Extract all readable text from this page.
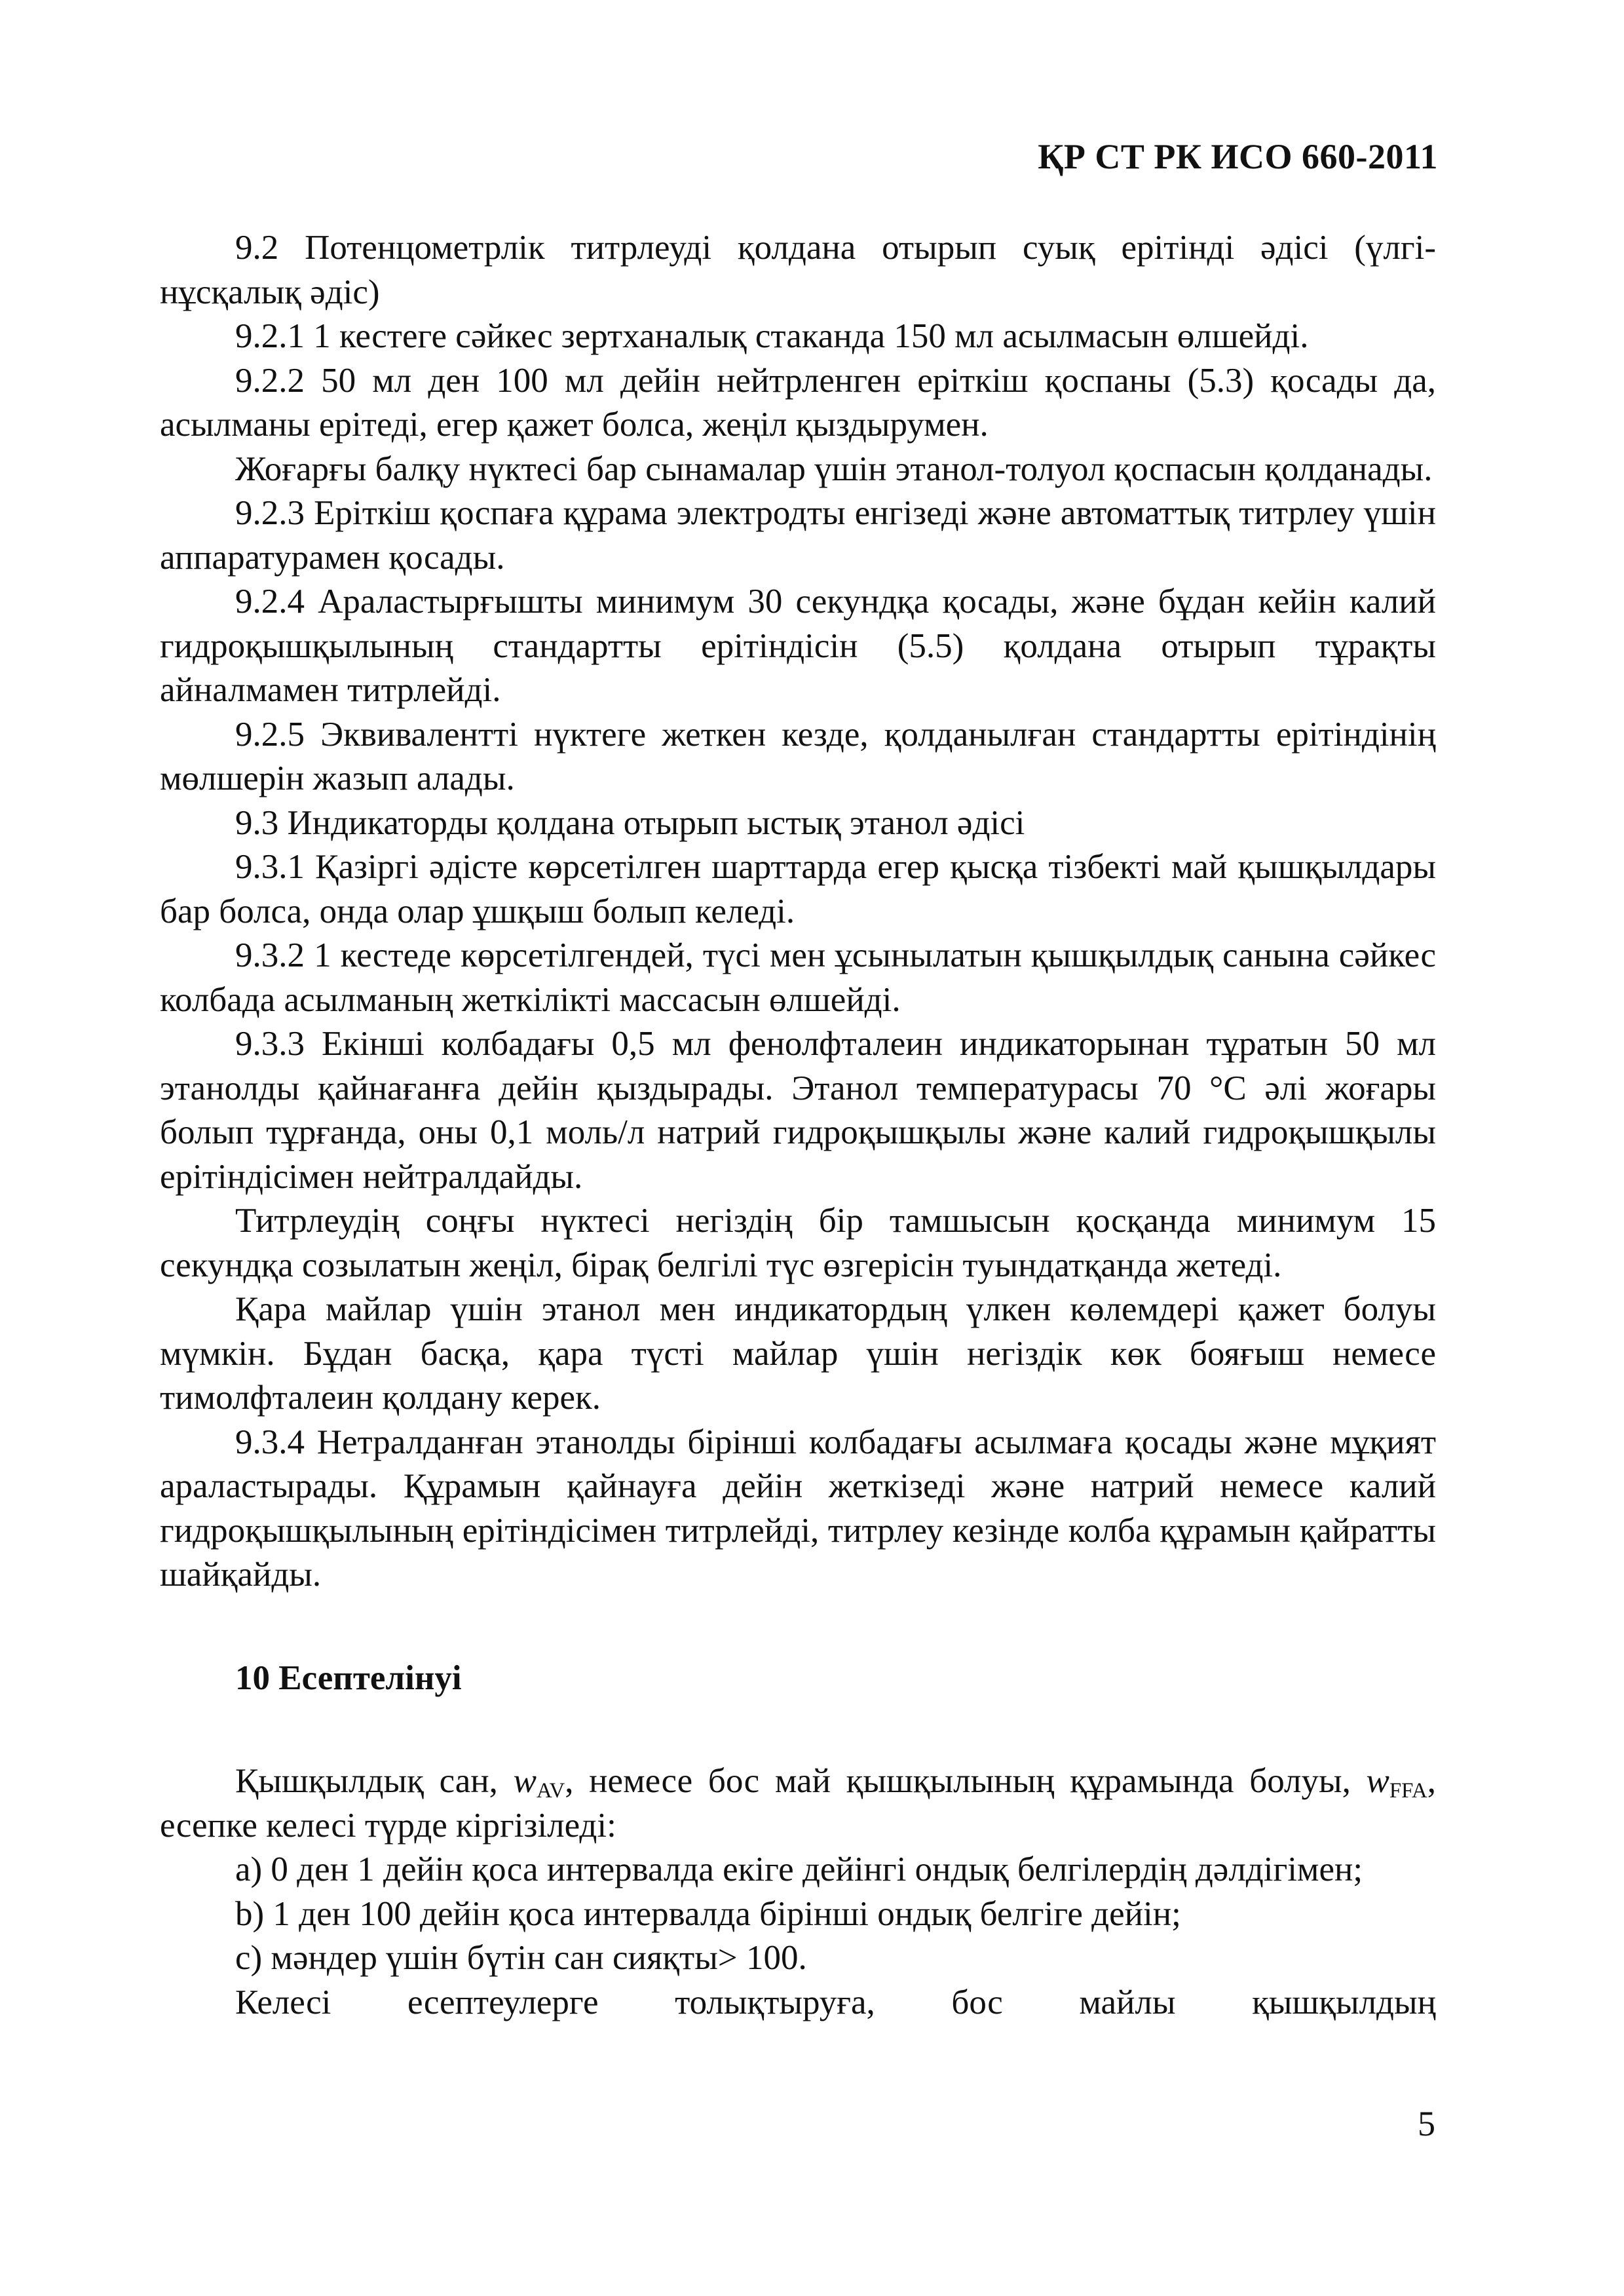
ҚР СТ РК ИСО 660-2011

9.2 Потенцометрлік титрлеуді қолдана отырып суық ерітінді әдісі (үлгі-нұсқалық әдіс)

9.2.1 1 кестеге сәйкес зертханалық стаканда 150 мл асылмасын өлшейді.

9.2.2 50 мл ден 100 мл дейін нейтрленген еріткіш қоспаны (5.3) қосады да, асылманы ерітеді, егер қажет болса, жеңіл қыздырумен.

Жоғарғы балқу нүктесі бар сынамалар үшін этанол-толуол қоспасын қолданады.

9.2.3 Еріткіш қоспаға құрама электродты енгізеді және автоматтық титрлеу үшін аппаратурамен қосады.

9.2.4 Араластырғышты минимум 30 секундқа қосады, және бұдан кейін калий гидроқышқылының стандартты ерітіндісін (5.5) қолдана отырып тұрақты айналмамен титрлейді.

9.2.5 Эквиваленттi нүктеге жеткен кезде, қолданылған стандартты ерітіндінің мөлшерін жазып алады.

9.3 Индикаторды қолдана отырып ыстық этанол әдісі

9.3.1 Қазіргі әдісте көрсетілген шарттарда егер қысқа тізбекті май қышқылдары бар болса, онда олар ұшқыш болып келеді.

9.3.2 1 кестеде көрсетілгендей, түсі мен ұсынылатын қышқылдық санына сәйкес колбада асылманың жеткілікті массасын өлшейді.

9.3.3 Екінші колбадағы 0,5 мл фенолфталеин индикаторынан тұратын 50 мл этанолды қайнағанға дейін қыздырады. Этанол температурасы 70 °С әлі жоғары болып тұрғанда, оны 0,1 моль/л натрий гидроқышқылы және калий гидроқышқылы ерітіндісімен нейтралдайды.

Титрлеудің соңғы нүктесі негіздің бір тамшысын қосқанда минимум 15 секундқа созылатын жеңіл, бірақ белгілі түс өзгерісін туындатқанда жетеді.

Қара майлар үшін этанол мен индикатордың үлкен көлемдері қажет болуы мүмкін. Бұдан басқа, қара түсті майлар үшін негіздік көк бояғыш немесе тимолфталеин қолдану керек.

9.3.4 Нетралданған этанолды бірінші колбадағы асылмаға қосады және мұқият араластырады. Құрамын қайнауға дейін жеткізеді және натрий немесе калий гидроқышқылының ерітіндісімен титрлейді, титрлеу кезінде колба құрамын қайратты шайқайды.

10 Есептелінуі

Қышқылдық сан, $w_{AV}$, немесе бос май қышқылының құрамында болуы, $w_{FFA}$, есепке келесі түрде кіргізіледі:

а) 0 ден 1 дейін қоса интервалда екіге дейінгі ондық белгілердің дәлдігімен;

b) 1 ден 100 дейін қоса интервалда бірінші ондық белгіге дейін;

с) мәндер үшін бүтін сан сияқты> 100.

Келесі есептеулерге толықтыруға, бос майлы қышқылдың

5
